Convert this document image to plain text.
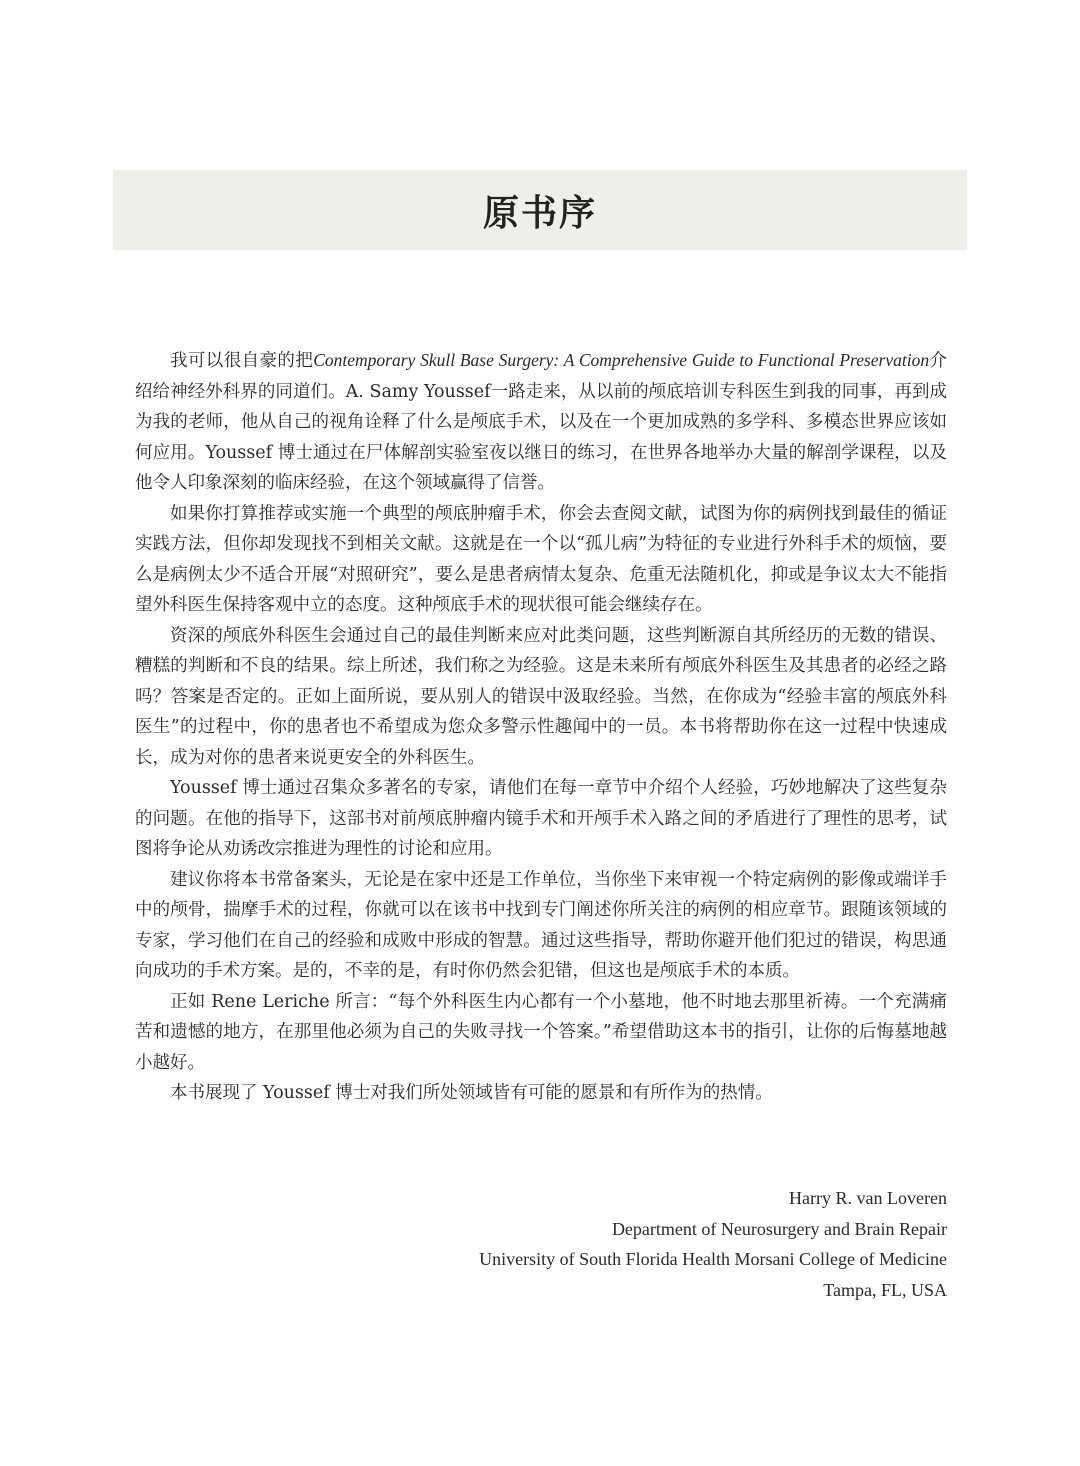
原书序

我可以很自豪的把Contemporary Skull Base Surgery: A Comprehensive Guide to Functional Preservation介绍给神经外科界的同道们。A. Samy Youssef一路走来，从以前的颅底培训专科医生到我的同事，再到成为我的老师，他从自己的视角诠释了什么是颅底手术，以及在一个更加成熟的多学科、多模态世界应该如何应用。Youssef 博士通过在尸体解剖实验室夜以继日的练习，在世界各地举办大量的解剖学课程，以及他令人印象深刻的临床经验，在这个领域赢得了信誉。

如果你打算推荐或实施一个典型的颅底肿瘤手术，你会去查阅文献，试图为你的病例找到最佳的循证实践方法，但你却发现找不到相关文献。这就是在一个以“孤儿病”为特征的专业进行外科手术的烦恼，要么是病例太少不适合开展“对照研究”，要么是患者病情太复杂、危重无法随机化，抑或是争议太大不能指望外科医生保持客观中立的态度。这种颅底手术的现状很可能会继续存在。

资深的颅底外科医生会通过自己的最佳判断来应对此类问题，这些判断源自其所经历的无数的错误、糟糕的判断和不良的结果。综上所述，我们称之为经验。这是未来所有颅底外科医生及其患者的必经之路吗？答案是否定的。正如上面所说，要从别人的错误中汲取经验。当然，在你成为“经验丰富的颅底外科医生”的过程中，你的患者也不希望成为您众多警示性趣闻中的一员。本书将帮助你在这一过程中快速成长，成为对你的患者来说更安全的外科医生。

Youssef 博士通过召集众多著名的专家，请他们在每一章节中介绍个人经验，巧妙地解决了这些复杂的问题。在他的指导下，这部书对前颅底肿瘤内镜手术和开颅手术入路之间的矛盾进行了理性的思考，试图将争论从劝诱改宗推进为理性的讨论和应用。

建议你将本书常备案头，无论是在家中还是工作单位，当你坐下来审视一个特定病例的影像或端详手中的颅骨，揣摩手术的过程，你就可以在该书中找到专门阐述你所关注的病例的相应章节。跟随该领域的专家，学习他们在自己的经验和成败中形成的智慧。通过这些指导，帮助你避开他们犯过的错误，构思通向成功的手术方案。是的，不幸的是，有时你仍然会犯错，但这也是颅底手术的本质。

正如 Rene Leriche 所言：“每个外科医生内心都有一个小墓地，他不时地去那里祈祷。一个充满痛苦和遗憾的地方，在那里他必须为自己的失败寻找一个答案。”希望借助这本书的指引，让你的后悔墓地越小越好。

本书展现了 Youssef 博士对我们所处领域皆有可能的愿景和有所作为的热情。

Harry R. van Loveren
Department of Neurosurgery and Brain Repair
University of South Florida Health Morsani College of Medicine
Tampa, FL, USA
